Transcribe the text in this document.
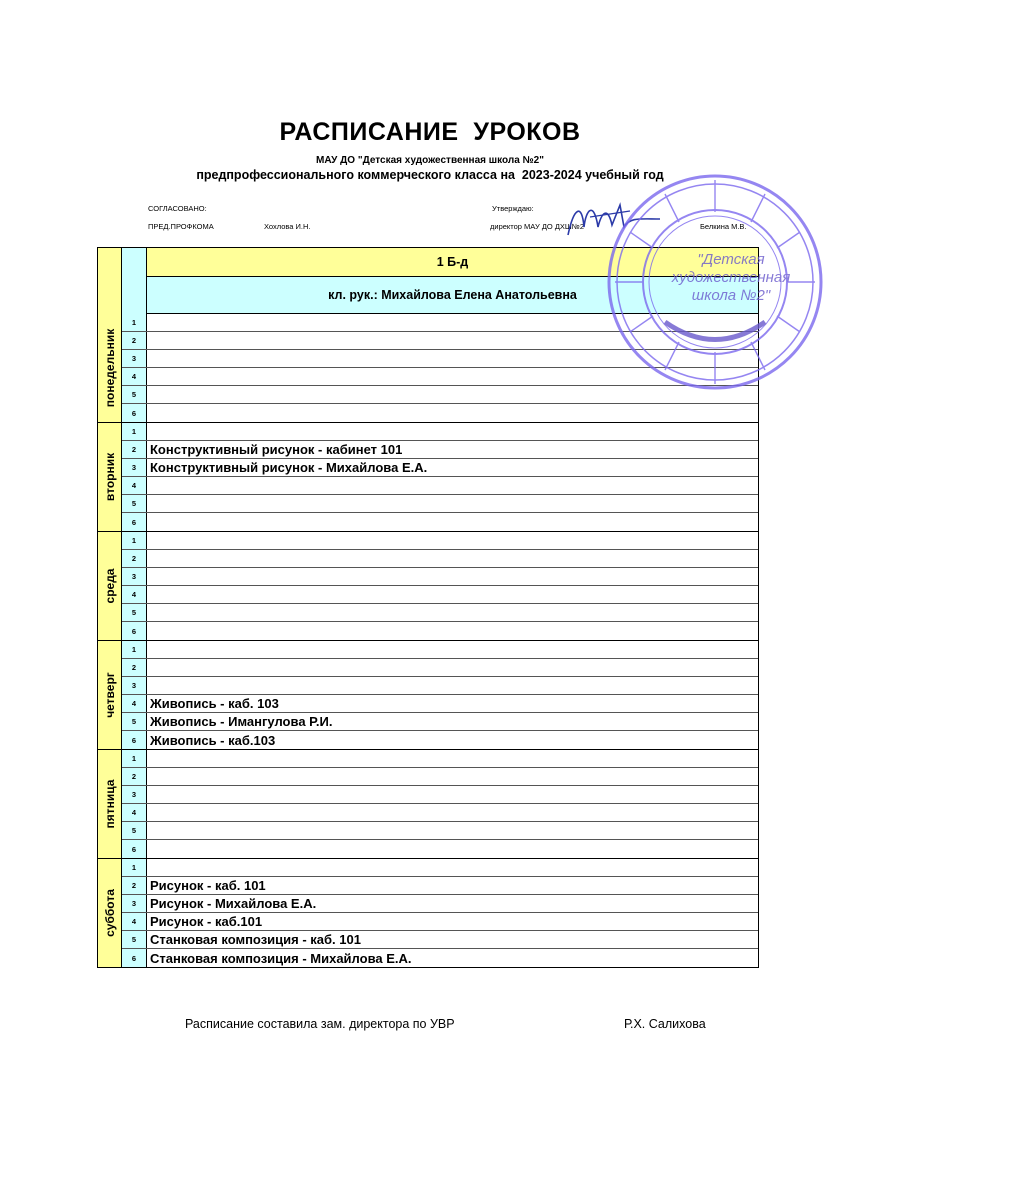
РАСПИСАНИЕ  УРОКОВ
МАУ ДО "Детская художественная школа №2"
предпрофессионального коммерческого класса на  2023-2024 учебный год
СОГЛАСОВАНО:
ПРЕД.ПРОФКОМА	Хохлова И.Н.
Утверждаю:
директор МАУ ДО ДХШ№2	Белкина М.В.
1 Б-д
кл. рук.: Михайлова Елена Анатольевна
понедельник
1
2
3
4
5
6
вторник
1
2	Конструктивный рисунок - кабинет 101
3	Конструктивный рисунок - Михайлова Е.А.
4
5
6
среда
1
2
3
4
5
6
четверг
1
2
3
4	Живопись - каб. 103
5	Живопись - Имангулова Р.И.
6	Живопись - каб.103
пятница
1
2
3
4
5
6
суббота
1
2	Рисунок - каб. 101
3	Рисунок - Михайлова Е.А.
4	Рисунок - каб.101
5	Станковая композиция - каб. 101
6	Станковая композиция - Михайлова Е.А.
Расписание составила зам. директора по УВР	Р.Х. Салихова
"Детская
художественная
школа №2"
